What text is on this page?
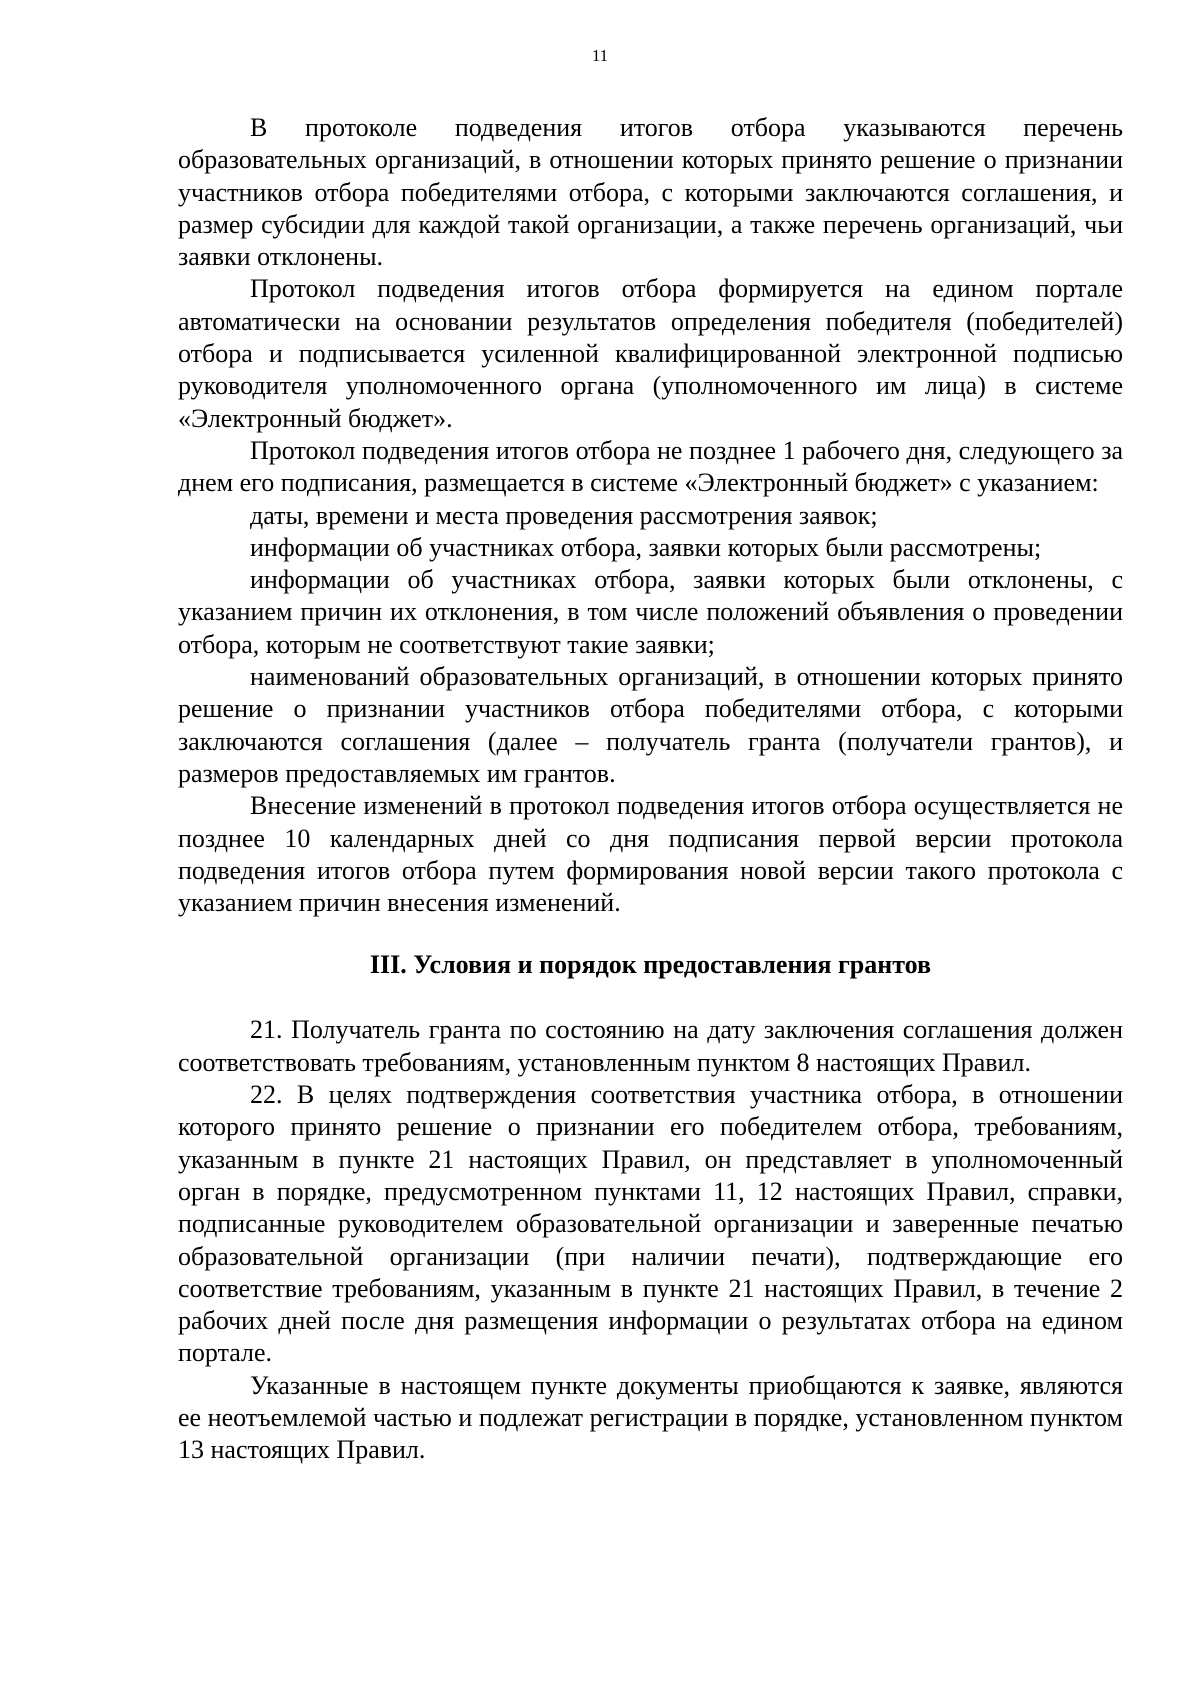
11

В протоколе подведения итогов отбора указываются перечень образовательных организаций, в отношении которых принято решение о признании участников отбора победителями отбора, с которыми заключаются соглашения, и размер субсидии для каждой такой организации, а также перечень организаций, чьи заявки отклонены.

Протокол подведения итогов отбора формируется на едином портале автоматически на основании результатов определения победителя (победителей) отбора и подписывается усиленной квалифицированной электронной подписью руководителя уполномоченного органа (уполномоченного им лица) в системе «Электронный бюджет».

Протокол подведения итогов отбора не позднее 1 рабочего дня, следующего за днем его подписания, размещается в системе «Электронный бюджет» с указанием:

даты, времени и места проведения рассмотрения заявок;

информации об участниках отбора, заявки которых были рассмотрены;

информации об участниках отбора, заявки которых были отклонены, с указанием причин их отклонения, в том числе положений объявления о проведении отбора, которым не соответствуют такие заявки;

наименований образовательных организаций, в отношении которых принято решение о признании участников отбора победителями отбора, с которыми заключаются соглашения (далее – получатель гранта (получатели грантов), и размеров предоставляемых им грантов.

Внесение изменений в протокол подведения итогов отбора осуществляется не позднее 10 календарных дней со дня подписания первой версии протокола подведения итогов отбора путем формирования новой версии такого протокола с указанием причин внесения изменений.

III. Условия и порядок предоставления грантов

21. Получатель гранта по состоянию на дату заключения соглашения должен соответствовать требованиям, установленным пунктом 8 настоящих Правил.

22. В целях подтверждения соответствия участника отбора, в отношении которого принято решение о признании его победителем отбора, требованиям, указанным в пункте 21 настоящих Правил, он представляет в уполномоченный орган в порядке, предусмотренном пунктами 11, 12 настоящих Правил, справки, подписанные руководителем образовательной организации и заверенные печатью образовательной организации (при наличии печати), подтверждающие его соответствие требованиям, указанным в пункте 21 настоящих Правил, в течение 2 рабочих дней после дня размещения информации о результатах отбора на едином портале.

Указанные в настоящем пункте документы приобщаются к заявке, являются ее неотъемлемой частью и подлежат регистрации в порядке, установленном пунктом 13 настоящих Правил.
